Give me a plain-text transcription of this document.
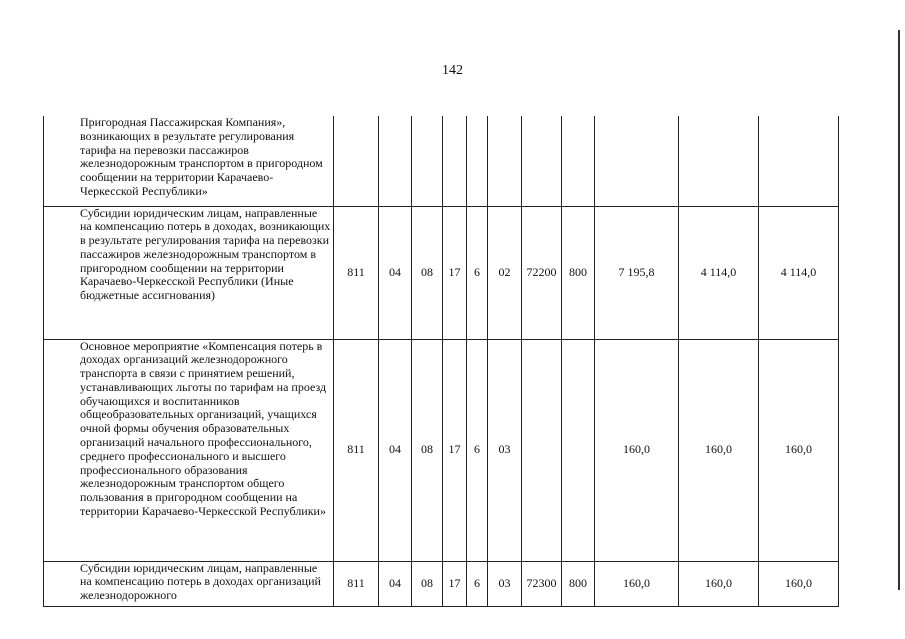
142
Пригородная Пассажирская Компания», возникающих в результате регулирования тарифа на перевозки пассажиров железнодорожным транспортом в пригородном сообщении на территории Карачаево-Черкесской Республики»											
Субсидии юридическим лицам, направленные на компенсацию потерь в доходах, возникающих в результате регулирования тарифа на перевозки пассажиров железнодорожным транспортом в пригородном сообщении на территории Карачаево-Черкесской Республики (Иные бюджетные ассигнования)	811	04	08	17	6	02	72200	800	7 195,8	4 114,0	4 114,0
Основное мероприятие «Компенсация потерь в доходах организаций железнодорожного транспорта в связи с принятием решений, устанавливающих льготы по тарифам на проезд обучающихся и воспитанников общеобразовательных организаций, учащихся очной формы обучения образовательных организаций начального профессионального, среднего профессионального и высшего профессионального образования железнодорожным транспортом общего пользования в пригородном сообщении на территории Карачаево-Черкесской Республики»	811	04	08	17	6	03			160,0	160,0	160,0

Субсидии юридическим лицам, направленные на компенсацию потерь в доходах организаций железнодорожного	811	04	08	17	6	03	72300	800	160,0	160,0	160,0
